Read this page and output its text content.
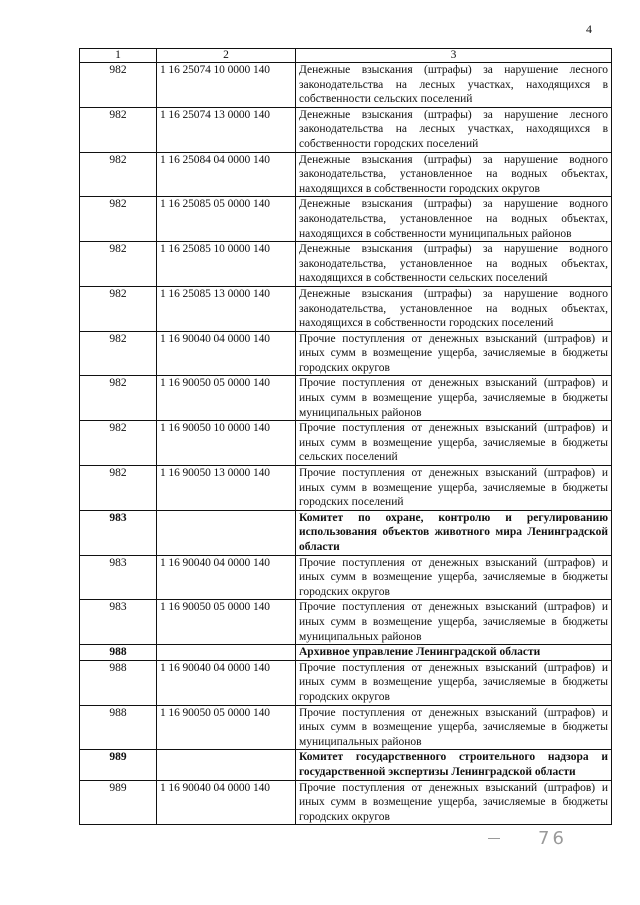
4
1	2	3
982	1 16 25074 10 0000 140	Денежные взыскания (штрафы) за нарушение лесного законодательства на лесных участках, находящихся в собственности сельских поселений
982	1 16 25074 13 0000 140	Денежные взыскания (штрафы) за нарушение лесного законодательства на лесных участках, находящихся в собственности городских поселений
982	1 16 25084 04 0000 140	Денежные взыскания (штрафы) за нарушение водного законодательства, установленное на водных объектах, находящихся в собственности городских округов
982	1 16 25085 05 0000 140	Денежные взыскания (штрафы) за нарушение водного законодательства, установленное на водных объектах, находящихся в собственности муниципальных районов
982	1 16 25085 10 0000 140	Денежные взыскания (штрафы) за нарушение водного законодательства, установленное на водных объектах, находящихся в собственности сельских поселений
982	1 16 25085 13 0000 140	Денежные взыскания (штрафы) за нарушение водного законодательства, установленное на водных объектах, находящихся в собственности городских поселений
982	1 16 90040 04 0000 140	Прочие поступления от денежных взысканий (штрафов) и иных сумм в возмещение ущерба, зачисляемые в бюджеты городских округов
982	1 16 90050 05 0000 140	Прочие поступления от денежных взысканий (штрафов) и иных сумм в возмещение ущерба, зачисляемые в бюджеты муниципальных районов
982	1 16 90050 10 0000 140	Прочие поступления от денежных взысканий (штрафов) и иных сумм в возмещение ущерба, зачисляемые в бюджеты сельских поселений
982	1 16 90050 13 0000 140	Прочие поступления от денежных взысканий (штрафов) и иных сумм в возмещение ущерба, зачисляемые в бюджеты городских поселений
983		Комитет по охране, контролю и регулированию использования объектов животного мира Ленинградской области
983	1 16 90040 04 0000 140	Прочие поступления от денежных взысканий (штрафов) и иных сумм в возмещение ущерба, зачисляемые в бюджеты городских округов
983	1 16 90050 05 0000 140	Прочие поступления от денежных взысканий (штрафов) и иных сумм в возмещение ущерба, зачисляемые в бюджеты муниципальных районов
988		Архивное управление Ленинградской области
988	1 16 90040 04 0000 140	Прочие поступления от денежных взысканий (штрафов) и иных сумм в возмещение ущерба, зачисляемые в бюджеты городских округов
988	1 16 90050 05 0000 140	Прочие поступления от денежных взысканий (штрафов) и иных сумм в возмещение ущерба, зачисляемые в бюджеты муниципальных районов
989		Комитет государственного строительного надзора и государственной экспертизы Ленинградской области
989	1 16 90040 04 0000 140	Прочие поступления от денежных взысканий (штрафов) и иных сумм в возмещение ущерба, зачисляемые в бюджеты городских округов
76
